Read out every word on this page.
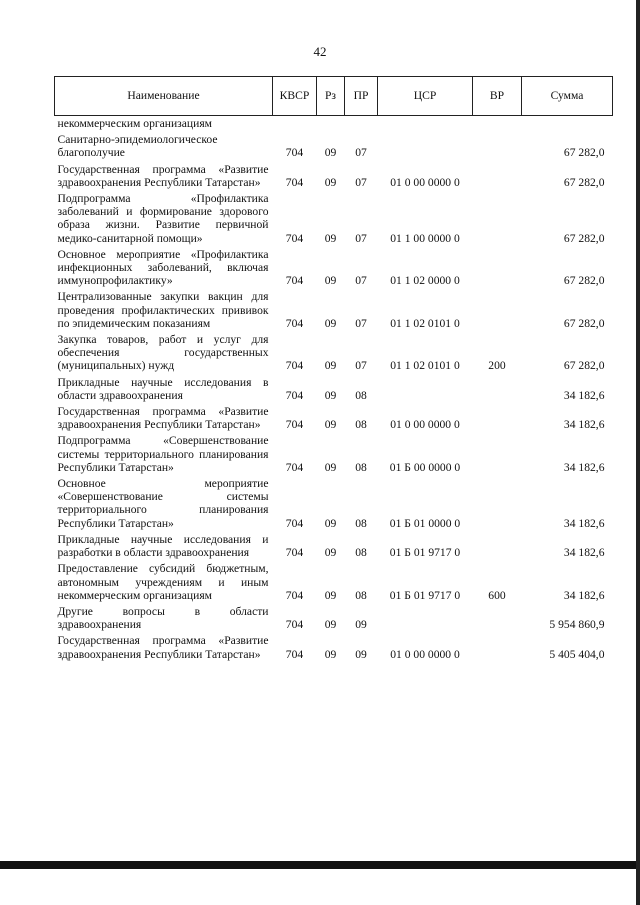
42
Наименование	КВСР	Рз	ПР	ЦСР	ВР	Сумма
некоммерческим организациям						
Санитарно-эпидемиологическое благополучие	704	09	07			67 282,0
Государственная программа «Развитие здравоохранения Республики Татарстан»	704	09	07	01 0 00 0000 0		67 282,0
Подпрограмма «Профилактика заболеваний и формирование здорового образа жизни. Развитие первичной медико-санитарной помощи»	704	09	07	01 1 00 0000 0		67 282,0
Основное мероприятие «Профилактика инфекционных заболеваний, включая иммунопрофилактику»	704	09	07	01 1 02 0000 0		67 282,0
Централизованные закупки вакцин для проведения профилактических прививок по эпидемическим показаниям	704	09	07	01 1 02 0101 0		67 282,0
Закупка товаров, работ и услуг для обеспечения государственных (муниципальных) нужд	704	09	07	01 1 02 0101 0	200	67 282,0
Прикладные научные исследования в области здравоохранения	704	09	08			34 182,6
Государственная программа «Развитие здравоохранения Республики Татарстан»	704	09	08	01 0 00 0000 0		34 182,6
Подпрограмма «Совершенствование системы территориального планирования Республики Татарстан»	704	09	08	01 Б 00 0000 0		34 182,6
Основное мероприятие «Совершенствование системы территориального планирования Республики Татарстан»	704	09	08	01 Б 01 0000 0		34 182,6
Прикладные научные исследования и разработки в области здравоохранения	704	09	08	01 Б 01 9717 0		34 182,6
Предоставление субсидий бюджетным, автономным учреждениям и иным некоммерческим организациям	704	09	08	01 Б 01 9717 0	600	34 182,6
Другие вопросы в области здравоохранения	704	09	09			5 954 860,9
Государственная программа «Развитие здравоохранения Республики Татарстан»	704	09	09	01 0 00 0000 0		5 405 404,0
